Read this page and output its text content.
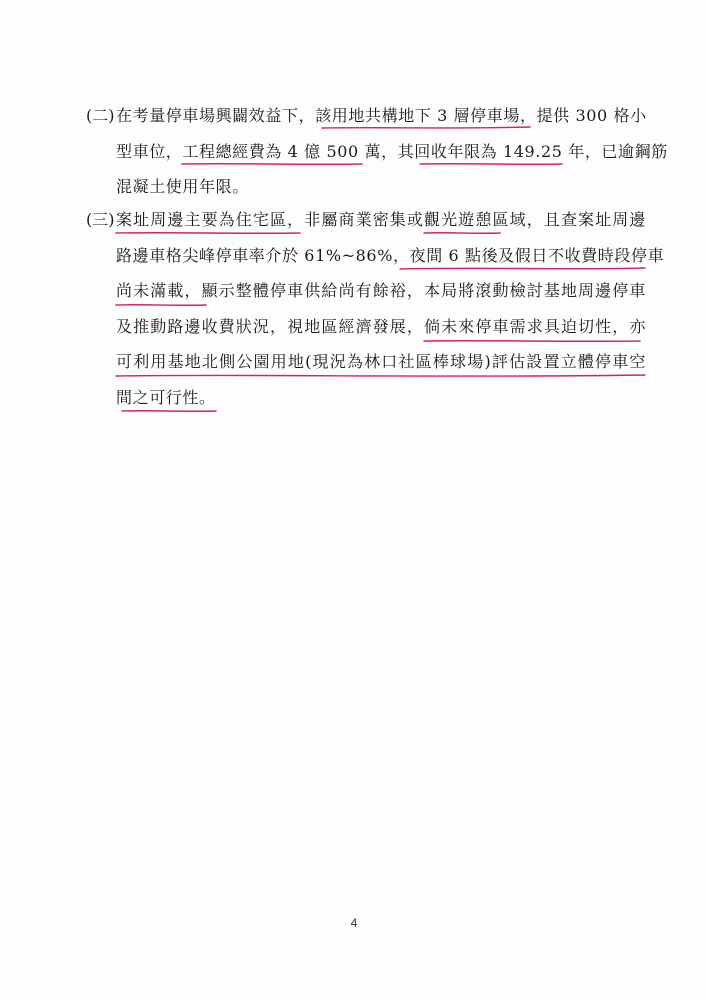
(二) 在考量停車場興闢效益下，該用地共構地下 3 層停車場，提供 300 格小
型車位，工程總經費為 4 億 500 萬，其回收年限為 149.25 年，已逾鋼筋
混凝土使用年限。
(三) 案址周邊主要為住宅區，非屬商業密集或觀光遊憩區域，且查案址周邊
路邊車格尖峰停車率介於 61%~86%，夜間 6 點後及假日不收費時段停車
尚未滿載，顯示整體停車供給尚有餘裕，本局將滾動檢討基地周邊停車
及推動路邊收費狀況，視地區經濟發展，倘未來停車需求具迫切性，亦
可利用基地北側公園用地(現況為林口社區棒球場)評估設置立體停車空
間之可行性。
4
